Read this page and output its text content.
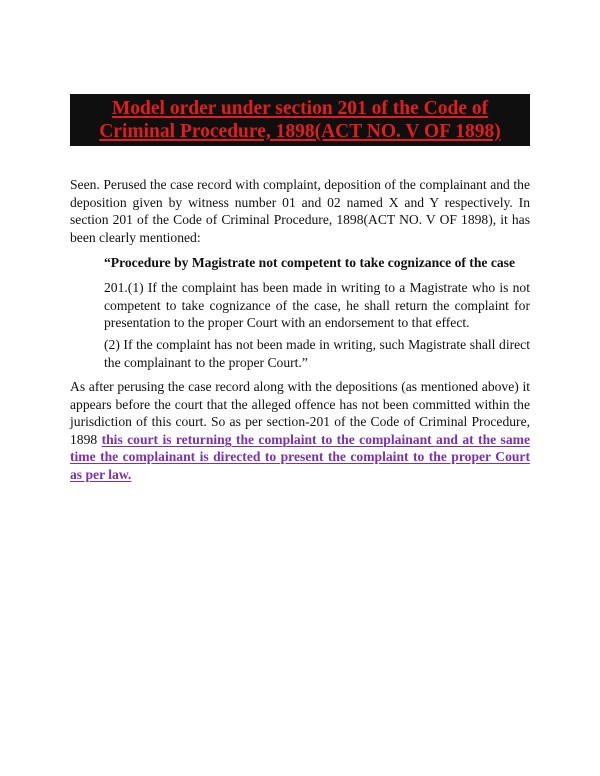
Model order under section 201 of the Code of
Criminal Procedure, 1898(ACT NO. V OF 1898)
Seen. Perused the case record with complaint, deposition of the complainant and the deposition given by witness number 01 and 02 named X and Y respectively. In section 201 of the Code of Criminal Procedure, 1898(ACT NO. V OF 1898), it has been clearly mentioned:
“Procedure by Magistrate not competent to take cognizance of the case
201.(1) If the complaint has been made in writing to a Magistrate who is not competent to take cognizance of the case, he shall return the complaint for presentation to the proper Court with an endorsement to that effect.
(2) If the complaint has not been made in writing, such Magistrate shall direct the complainant to the proper Court.”
As after perusing the case record along with the depositions (as mentioned above) it appears before the court that the alleged offence has not been committed within the jurisdiction of this court. So as per section-201 of the Code of Criminal Procedure, 1898 this court is returning the complaint to the complainant and at the same time the complainant is directed to present the complaint to the proper Court as per law.
